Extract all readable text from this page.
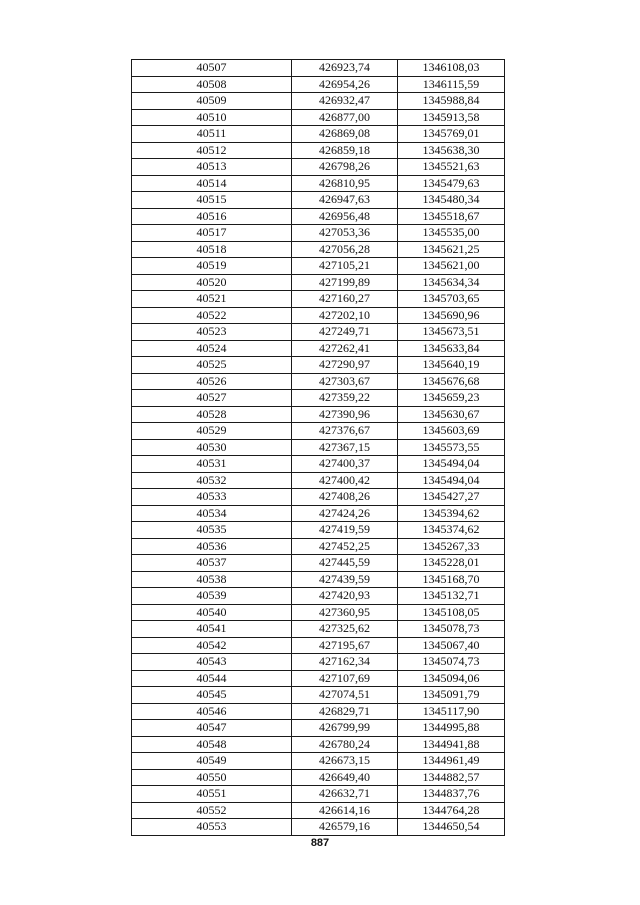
40507	426923,74	1346108,03
40508	426954,26	1346115,59
40509	426932,47	1345988,84
40510	426877,00	1345913,58
40511	426869,08	1345769,01
40512	426859,18	1345638,30
40513	426798,26	1345521,63
40514	426810,95	1345479,63
40515	426947,63	1345480,34
40516	426956,48	1345518,67
40517	427053,36	1345535,00
40518	427056,28	1345621,25
40519	427105,21	1345621,00
40520	427199,89	1345634,34
40521	427160,27	1345703,65
40522	427202,10	1345690,96
40523	427249,71	1345673,51
40524	427262,41	1345633,84
40525	427290,97	1345640,19
40526	427303,67	1345676,68
40527	427359,22	1345659,23
40528	427390,96	1345630,67
40529	427376,67	1345603,69
40530	427367,15	1345573,55
40531	427400,37	1345494,04
40532	427400,42	1345494,04
40533	427408,26	1345427,27
40534	427424,26	1345394,62
40535	427419,59	1345374,62
40536	427452,25	1345267,33
40537	427445,59	1345228,01
40538	427439,59	1345168,70
40539	427420,93	1345132,71
40540	427360,95	1345108,05
40541	427325,62	1345078,73
40542	427195,67	1345067,40
40543	427162,34	1345074,73
40544	427107,69	1345094,06
40545	427074,51	1345091,79
40546	426829,71	1345117,90
40547	426799,99	1344995,88
40548	426780,24	1344941,88
40549	426673,15	1344961,49
40550	426649,40	1344882,57
40551	426632,71	1344837,76
40552	426614,16	1344764,28
40553	426579,16	1344650,54
887
